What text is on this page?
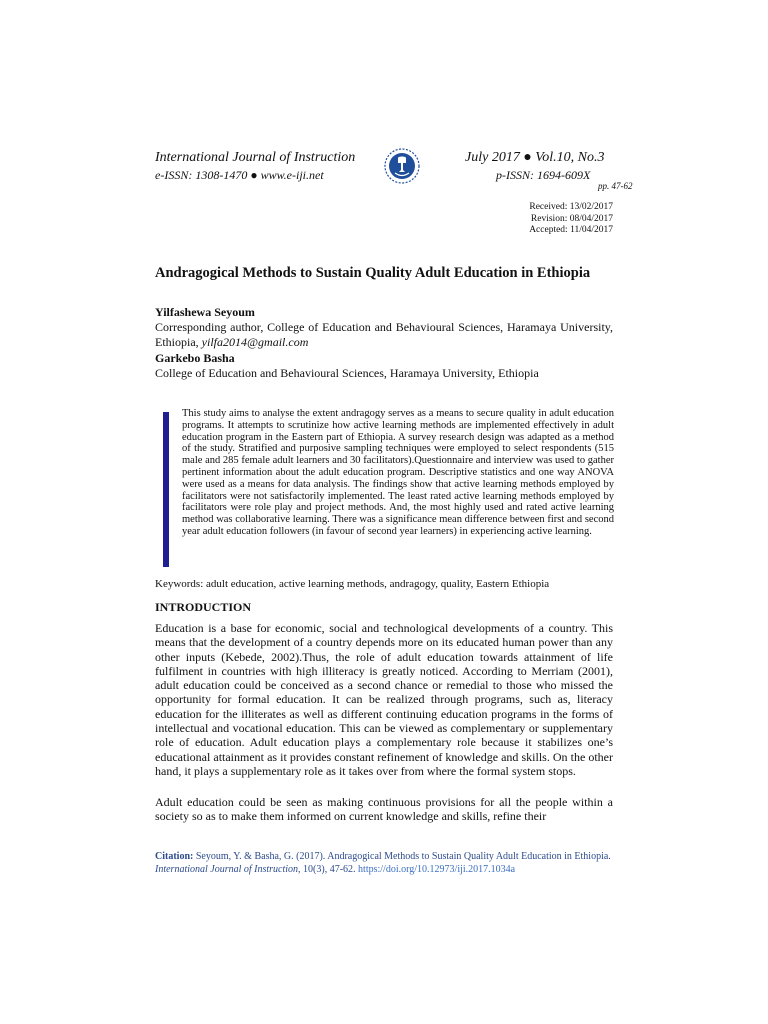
International Journal of Instruction
e-ISSN: 1308-1470 ● www.e-iji.net
July 2017 ● Vol.10, No.3
p-ISSN: 1694-609X
pp. 47-62
Received: 13/02/2017
Revision: 08/04/2017
Accepted: 11/04/2017
Andragogical Methods to Sustain Quality Adult Education in Ethiopia
Yilfashewa Seyoum
Corresponding author, College of Education and Behavioural Sciences, Haramaya University, Ethiopia, yilfa2014@gmail.com
Garkebo Basha
College of Education and Behavioural Sciences, Haramaya University, Ethiopia
This study aims to analyse the extent andragogy serves as a means to secure quality in adult education programs. It attempts to scrutinize how active learning methods are implemented effectively in adult education program in the Eastern part of Ethiopia. A survey research design was adapted as a method of the study. Stratified and purposive sampling techniques were employed to select respondents (515 male and 285 female adult learners and 30 facilitators).Questionnaire and interview was used to gather pertinent information about the adult education program. Descriptive statistics and one way ANOVA were used as a means for data analysis. The findings show that active learning methods employed by facilitators were not satisfactorily implemented. The least rated active learning methods employed by facilitators were role play and project methods. And, the most highly used and rated active learning method was collaborative learning. There was a significance mean difference between first and second year adult education followers (in favour of second year learners) in experiencing active learning.
Keywords: adult education, active learning methods, andragogy, quality, Eastern Ethiopia
INTRODUCTION
Education is a base for economic, social and technological developments of a country. This means that the development of a country depends more on its educated human power than any other inputs (Kebede, 2002).Thus, the role of adult education towards attainment of life fulfilment in countries with high illiteracy is greatly noticed. According to Merriam (2001), adult education could be conceived as a second chance or remedial to those who missed the opportunity for formal education. It can be realized through programs, such as, literacy education for the illiterates as well as different continuing education programs in the forms of intellectual and vocational education. This can be viewed as complementary or supplementary role of education. Adult education plays a complementary role because it stabilizes one’s educational attainment as it provides constant refinement of knowledge and skills. On the other hand, it plays a supplementary role as it takes over from where the formal system stops.
Adult education could be seen as making continuous provisions for all the people within a society so as to make them informed on current knowledge and skills, refine their
Citation: Seyoum, Y. & Basha, G. (2017). Andragogical Methods to Sustain Quality Adult Education in Ethiopia. International Journal of Instruction, 10(3), 47-62. https://doi.org/10.12973/iji.2017.1034a
